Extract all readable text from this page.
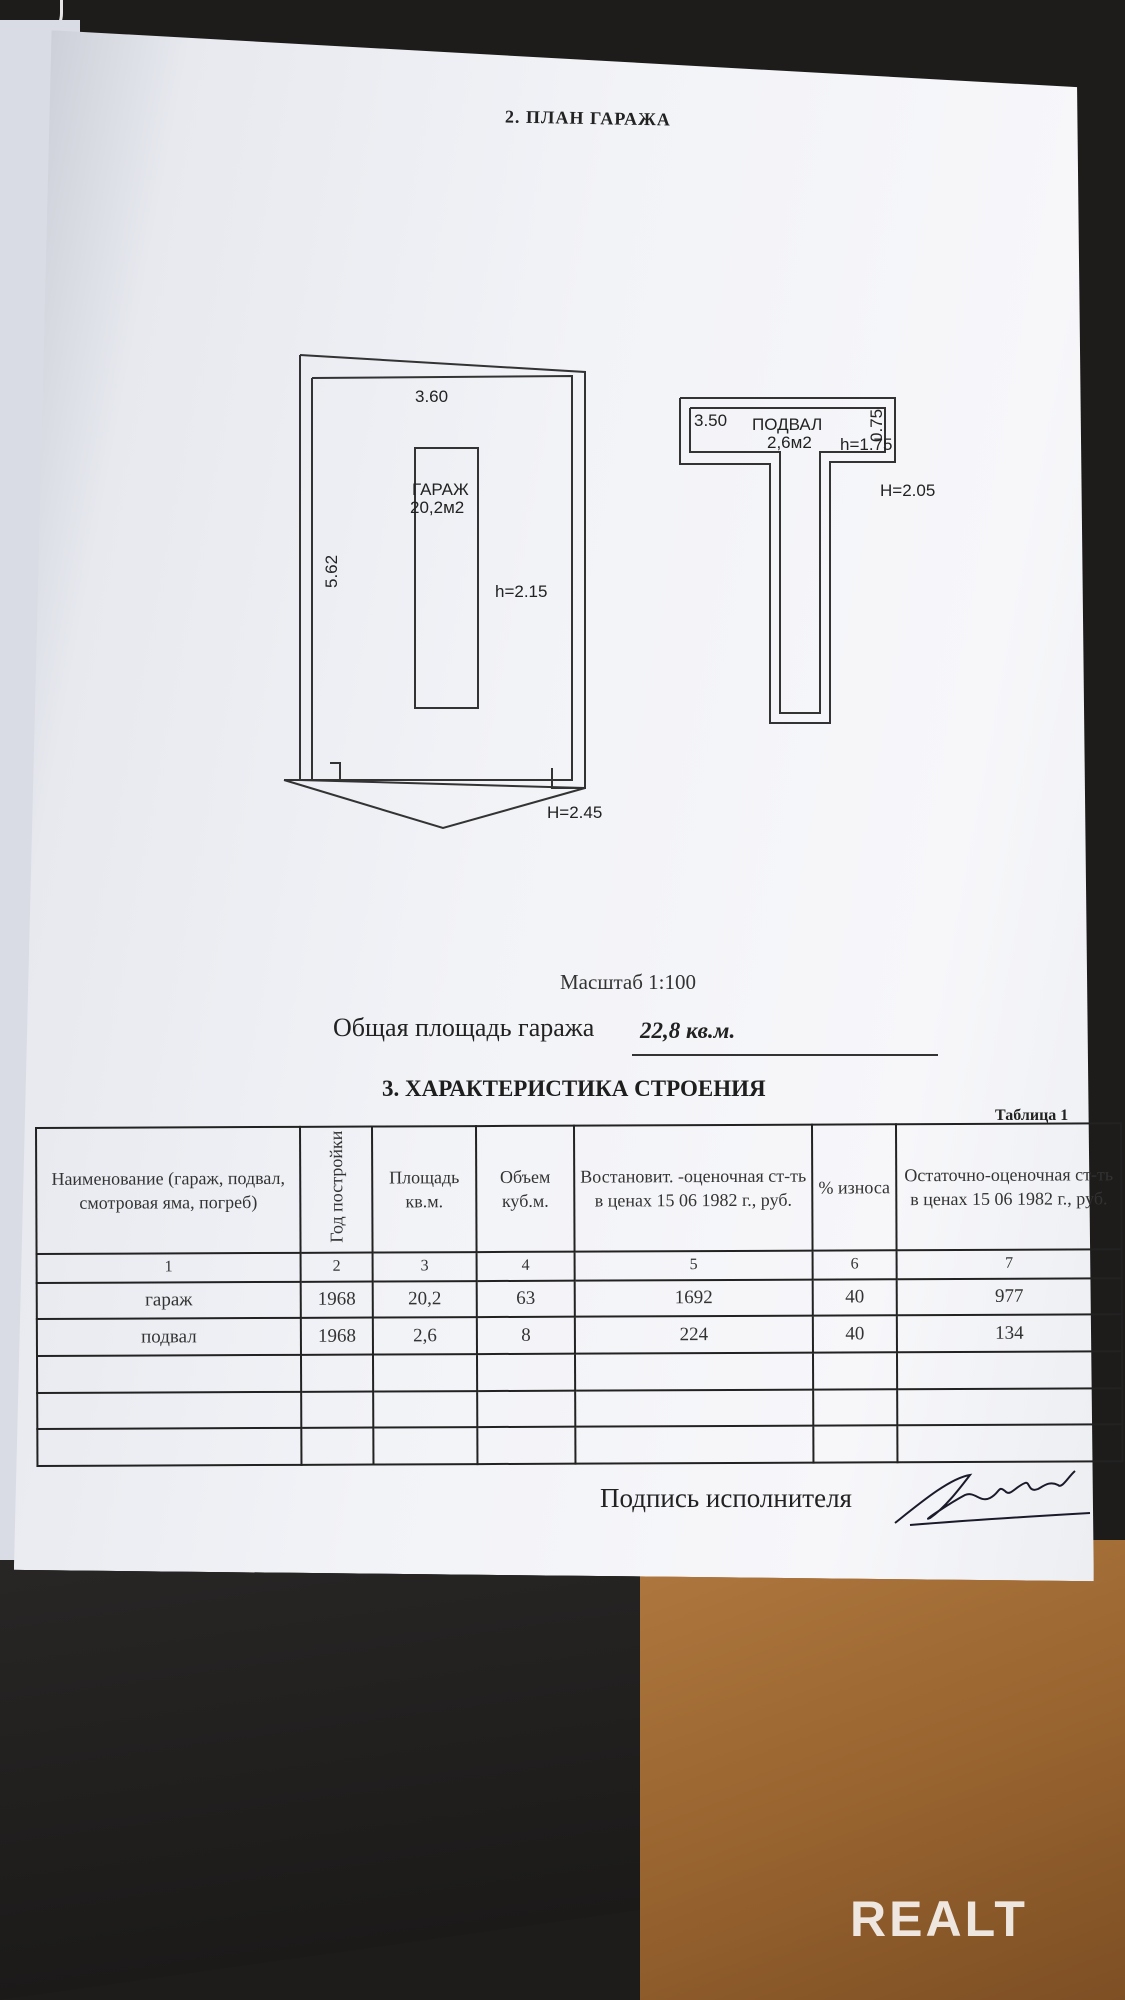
2. ПЛАН ГАРАЖА
3.60
5.62
ГАРАЖ
20,2м2
h=2.15
H=2.45
3.50 ПОДВАЛ
2,6м2 h=1.75
0.75
H=2.05
Масштаб 1:100
Общая площадь гаража 22,8 кв.м.
3. ХАРАКТЕРИСТИКА СТРОЕНИЯ
Таблица 1
Наименование (гараж, подвал, смотровая яма, погреб)	Год постройки	Площадь кв.м.	Объем куб.м.	Востановит. -оценочная ст-ть в ценах 15 06 1982 г., руб.	% износа	Остаточно-оценочная ст-ть в ценах 15 06 1982 г., руб.
1	2	3	4	5	6	7
гараж	1968	20,2	63	1692	40	977
подвал	1968	2,6	8	224	40	134

Подпись исполнителя
REALT
